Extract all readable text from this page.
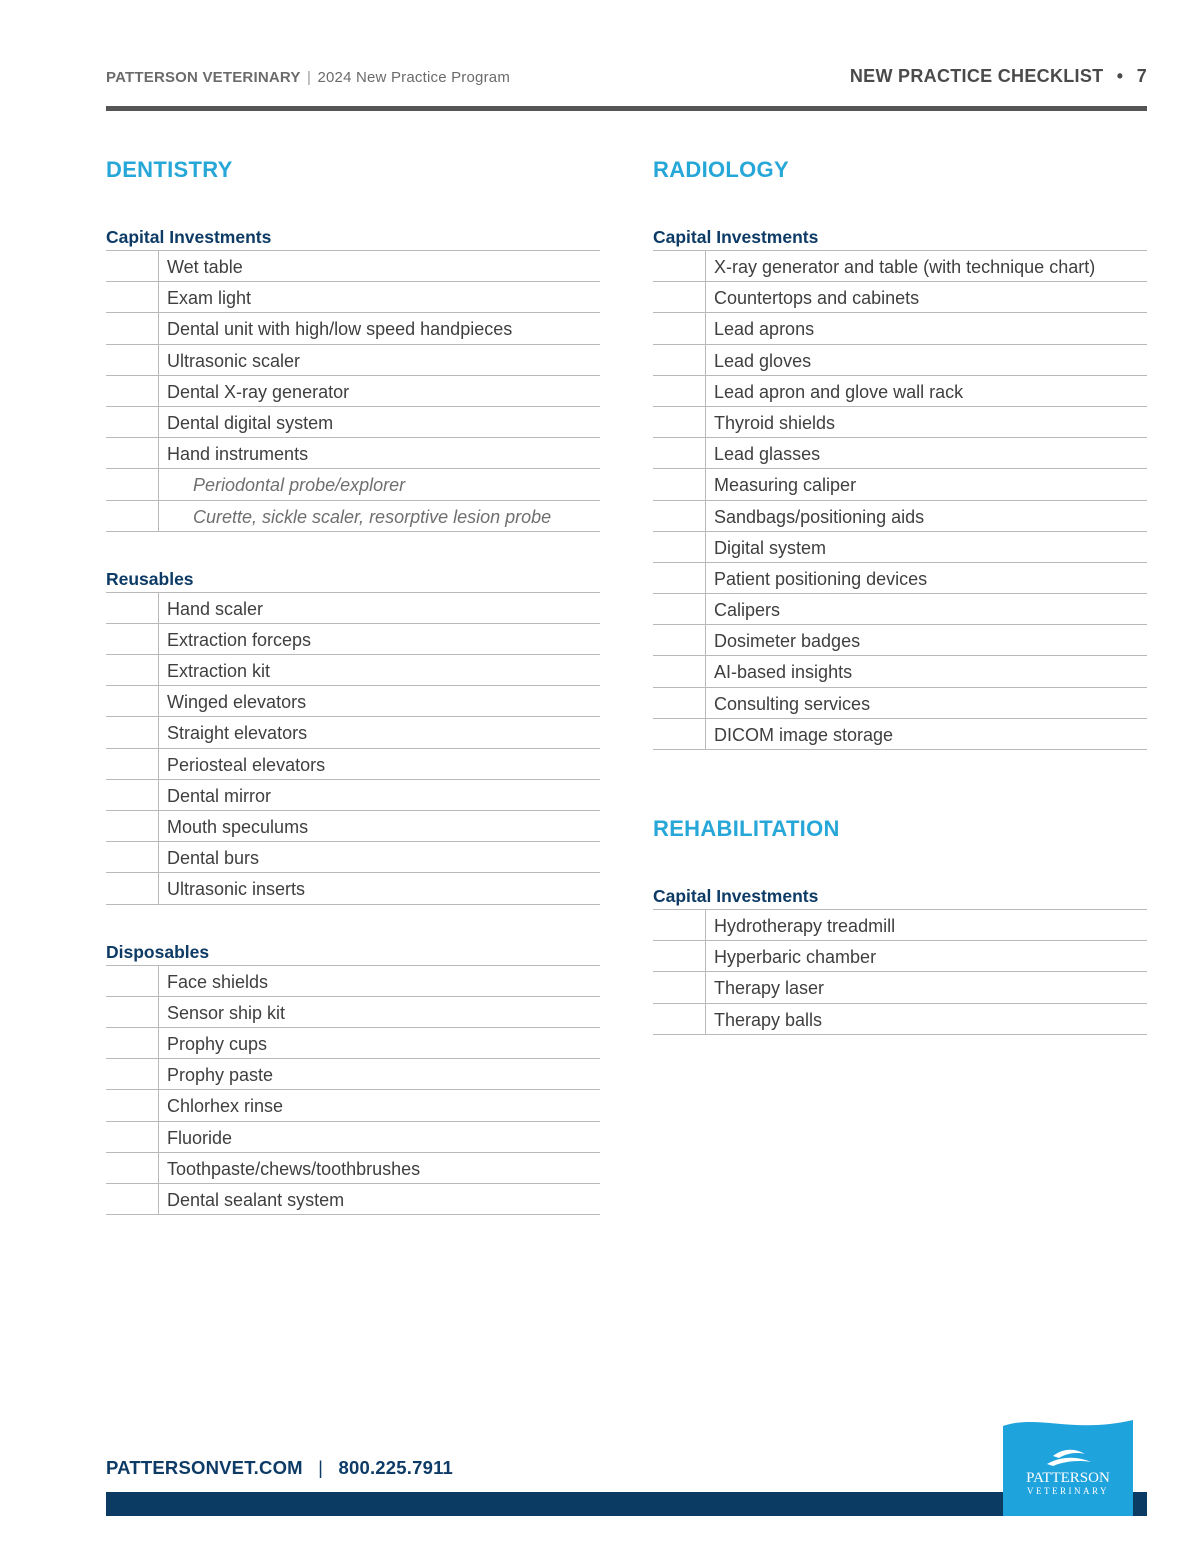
PATTERSON VETERINARY | 2024 New Practice Program	NEW PRACTICE CHECKLIST • 7
DENTISTRY
Capital Investments
Wet table
Exam light
Dental unit with high/low speed handpieces
Ultrasonic scaler
Dental X-ray generator
Dental digital system
Hand instruments
Periodontal probe/explorer
Curette, sickle scaler, resorptive lesion probe
Reusables
Hand scaler
Extraction forceps
Extraction kit
Winged elevators
Straight elevators
Periosteal elevators
Dental mirror
Mouth speculums
Dental burs
Ultrasonic inserts
Disposables
Face shields
Sensor ship kit
Prophy cups
Prophy paste
Chlorhex rinse
Fluoride
Toothpaste/chews/toothbrushes
Dental sealant system
RADIOLOGY
Capital Investments
X-ray generator and table (with technique chart)
Countertops and cabinets
Lead aprons
Lead gloves
Lead apron and glove wall rack
Thyroid shields
Lead glasses
Measuring caliper
Sandbags/positioning aids
Digital system
Patient positioning devices
Calipers
Dosimeter badges
AI-based insights
Consulting services
DICOM image storage
REHABILITATION
Capital Investments
Hydrotherapy treadmill
Hyperbaric chamber
Therapy laser
Therapy balls
PATTERSONVET.COM | 800.225.7911	PATTERSON
VETERINARY
